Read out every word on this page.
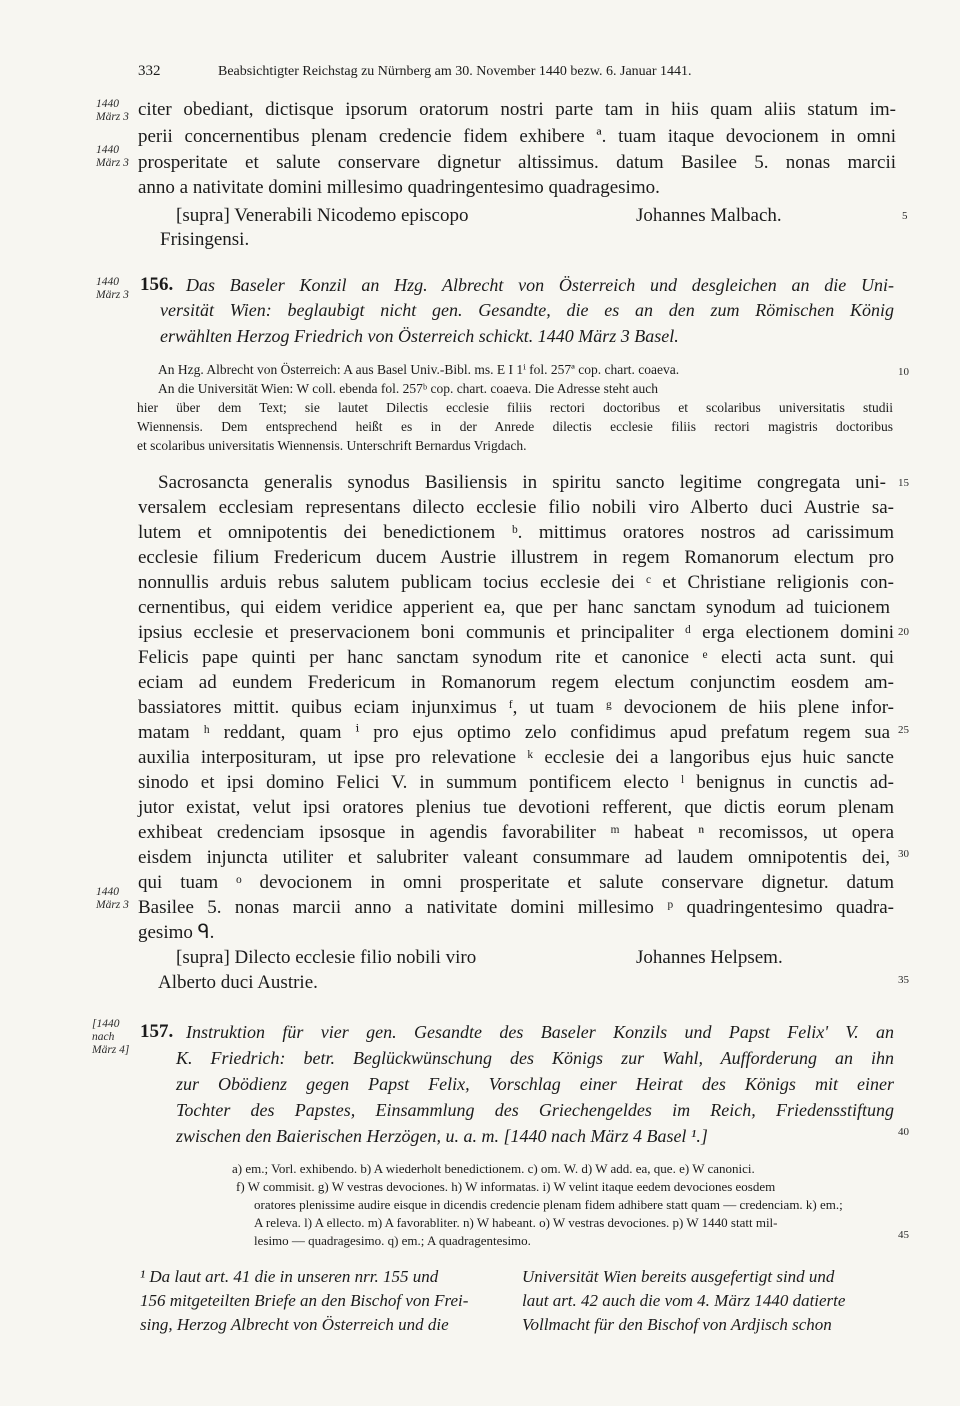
332	Beabsichtigter Reichstag zu Nürnberg am 30. November 1440 bezw. 6. Januar 1441.
1440
März 3
1440
März 3
1440
März 3
1440
März 3
[1440
nach
März 4]
5
10
15
20
25
30
35
40
45
citer obediant, dictisque ipsorum oratorum nostri parte tam in hiis quam aliis statum im-
perii concernentibus plenam credencie fidem exhibere ª. tuam itaque devocionem in omni
prosperitate et salute conservare dignetur altissimus. datum Basilee 5. nonas marcii
anno a nativitate domini millesimo quadringentesimo quadragesimo.
[supra] Venerabili Nicodemo episcopo	Johannes Malbach.
Frisingensi.
156. Das Baseler Konzil an Hzg. Albrecht von Österreich und desgleichen an die Uni-
versität Wien: beglaubigt nicht gen. Gesandte, die es an den zum Römischen König
erwählten Herzog Friedrich von Österreich schickt. 1440 März 3 Basel.
An Hzg. Albrecht von Österreich: A aus Basel Univ.-Bibl. ms. E I 1ⁱ fol. 257ª cop. chart. coaeva.
An die Universität Wien: W coll. ebenda fol. 257ᵇ cop. chart. coaeva. Die Adresse steht auch
hier über dem Text; sie lautet Dilectis ecclesie filiis rectori doctoribus et scolaribus universitatis studii
Wiennensis. Dem entsprechend heißt es in der Anrede dilectis ecclesie filiis rectori magistris doctoribus
et scolaribus universitatis Wiennensis. Unterschrift Bernardus Vrigdach.
Sacrosancta generalis synodus Basiliensis in spiritu sancto legitime congregata uni-
versalem ecclesiam representans dilecto ecclesie filio nobili viro Alberto duci Austrie sa-
lutem et omnipotentis dei benedictionem ᵇ. mittimus oratores nostros ad carissimum
ecclesie filium Fredericum ducem Austrie illustrem in regem Romanorum electum pro
nonnullis arduis rebus salutem publicam tocius ecclesie dei ᶜ et Christiane religionis con-
cernentibus, qui eidem veridice apperient ea, que per hanc sanctam synodum ad tuicionem
ipsius ecclesie et preservacionem boni communis et principaliter ᵈ erga electionem domini
Felicis pape quinti per hanc sanctam synodum rite et canonice ᵉ electi acta sunt. qui
eciam ad eundem Fredericum in Romanorum regem electum conjunctim eosdem am-
bassiatores mittit. quibus eciam injunximus ᶠ, ut tuam ᵍ devocionem de hiis plene infor-
matam ʰ reddant, quam ⁱ pro ejus optimo zelo confidimus apud prefatum regem sua
auxilia interposituram, ut ipse pro relevatione ᵏ ecclesie dei a langoribus ejus huic sancte
sinodo et ipsi domino Felici V. in summum pontificem electo ˡ benignus in cunctis ad-
jutor existat, velut ipsi oratores plenius tue devotioni refferent, que dictis eorum plenam
exhibeat credenciam ipsosque in agendis favorabiliter ᵐ habeat ⁿ recomissos, ut opera
eisdem injuncta utiliter et salubriter valeant consummare ad laudem omnipotentis dei,
qui tuam ᵒ devocionem in omni prosperitate et salute conservare dignetur. datum
Basilee 5. nonas marcii anno a nativitate domini millesimo ᵖ quadringentesimo quadra-
gesimo ᑫ.
[supra] Dilecto ecclesie filio nobili viro	Johannes Helpsem.
Alberto duci Austrie.
157. Instruktion für vier gen. Gesandte des Baseler Konzils und Papst Felix' V. an
K. Friedrich: betr. Beglückwünschung des Königs zur Wahl, Aufforderung an ihn
zur Obödienz gegen Papst Felix, Vorschlag einer Heirat des Königs mit einer
Tochter des Papstes, Einsammlung des Griechengeldes im Reich, Friedensstiftung
zwischen den Baierischen Herzögen, u. a. m. [1440 nach März 4 Basel ¹.]
a) em.; Vorl. exhibendo. b) A wiederholt benedictionem. c) om. W. d) W add. ea, que. e) W canonici.
f) W commisit. g) W vestras devociones. h) W informatas. i) W velint itaque eedem devociones eosdem
oratores plenissime audire eisque in dicendis credencie plenam fidem adhibere statt quam — credenciam. k) em.;
A releva. l) A ellecto. m) A favorabliter. n) W habeant. o) W vestras devociones. p) W 1440 statt mil-
lesimo — quadragesimo. q) em.; A quadragentesimo.
¹ Da laut art. 41 die in unseren nrr. 155 und
156 mitgeteilten Briefe an den Bischof von Frei-
sing, Herzog Albrecht von Österreich und die
Universität Wien bereits ausgefertigt sind und
laut art. 42 auch die vom 4. März 1440 datierte
Vollmacht für den Bischof von Ardjisch schon
